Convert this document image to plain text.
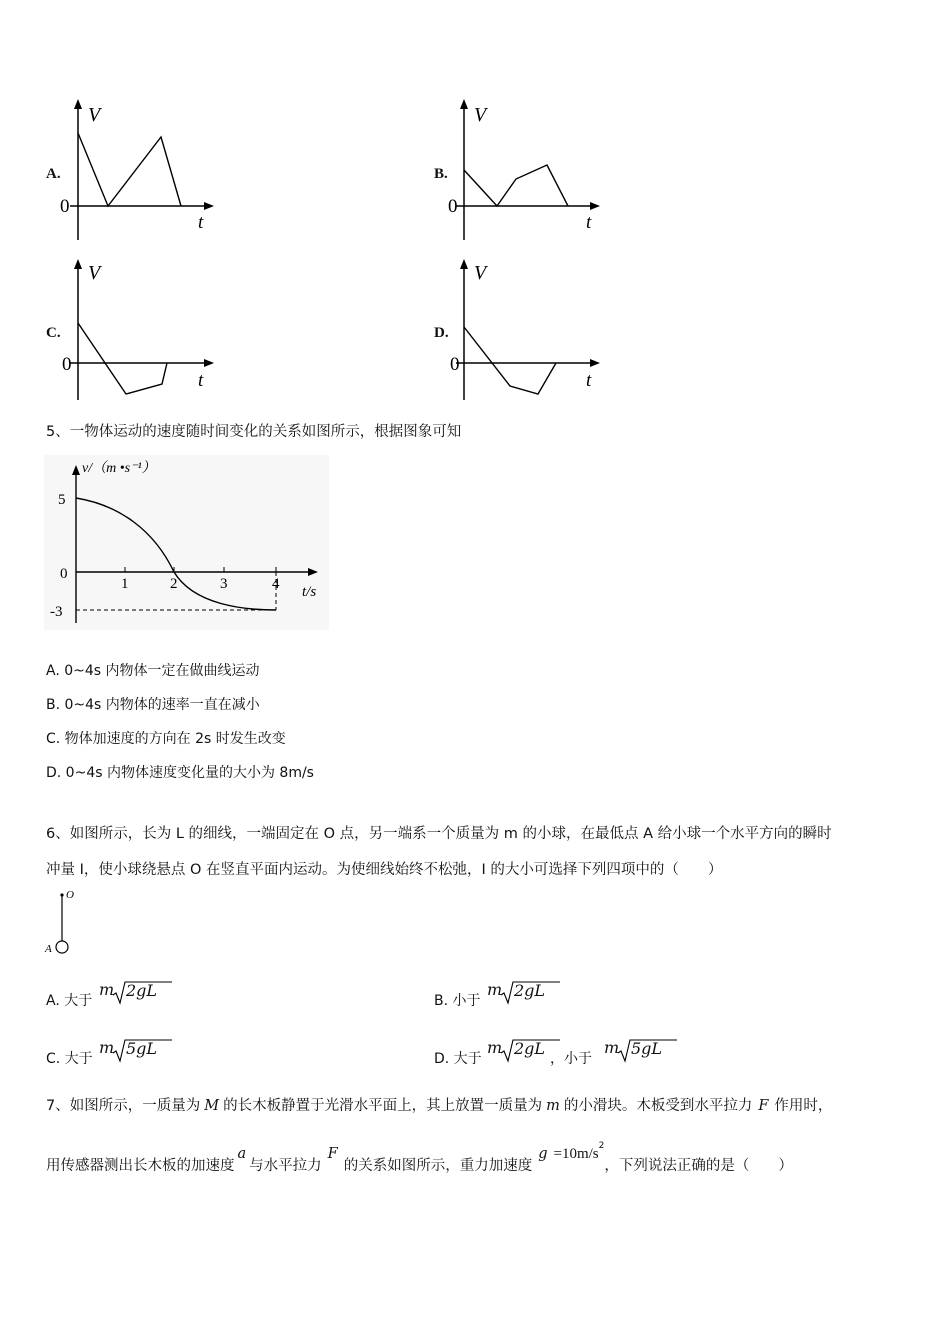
A.
V
0
t
B.
V
0
t
C.
V
0
t
D.
V
0
t
5、一物体运动的速度随时间变化的关系如图所示，根据图象可知
v/（m •s⁻¹）
5
0
-3
1	2	3	4 t/s
A. 0~4s 内物体一定在做曲线运动
B. 0~4s 内物体的速率一直在减小
C. 物体加速度的方向在 2s 时发生改变
D. 0~4s 内物体速度变化量的大小为 8m/s
6、如图所示，长为 L 的细线，一端固定在 O 点，另一端系一个质量为 m 的小球，在最低点 A 给小球一个水平方向的瞬时
冲量 I，使小球绕悬点 O 在竖直平面内运动。为使细线始终不松弛，I 的大小可选择下列四项中的（　　）
O
A
A. 大于
m 2gL
B. 小于
m 2gL
C. 大于
m 5gL
D. 大于
m 2gL
，小于
m 5gL
7、如图所示，一质量为 M 的长木板静置于光滑水平面上，其上放置一质量为 m 的小滑块。木板受到水平拉力 F 作用时，
用传感器测出长木板的加速度a与水平拉力F的关系如图所示，重力加速度$g =10m/s^2$，下列说法正确的是（　　）
